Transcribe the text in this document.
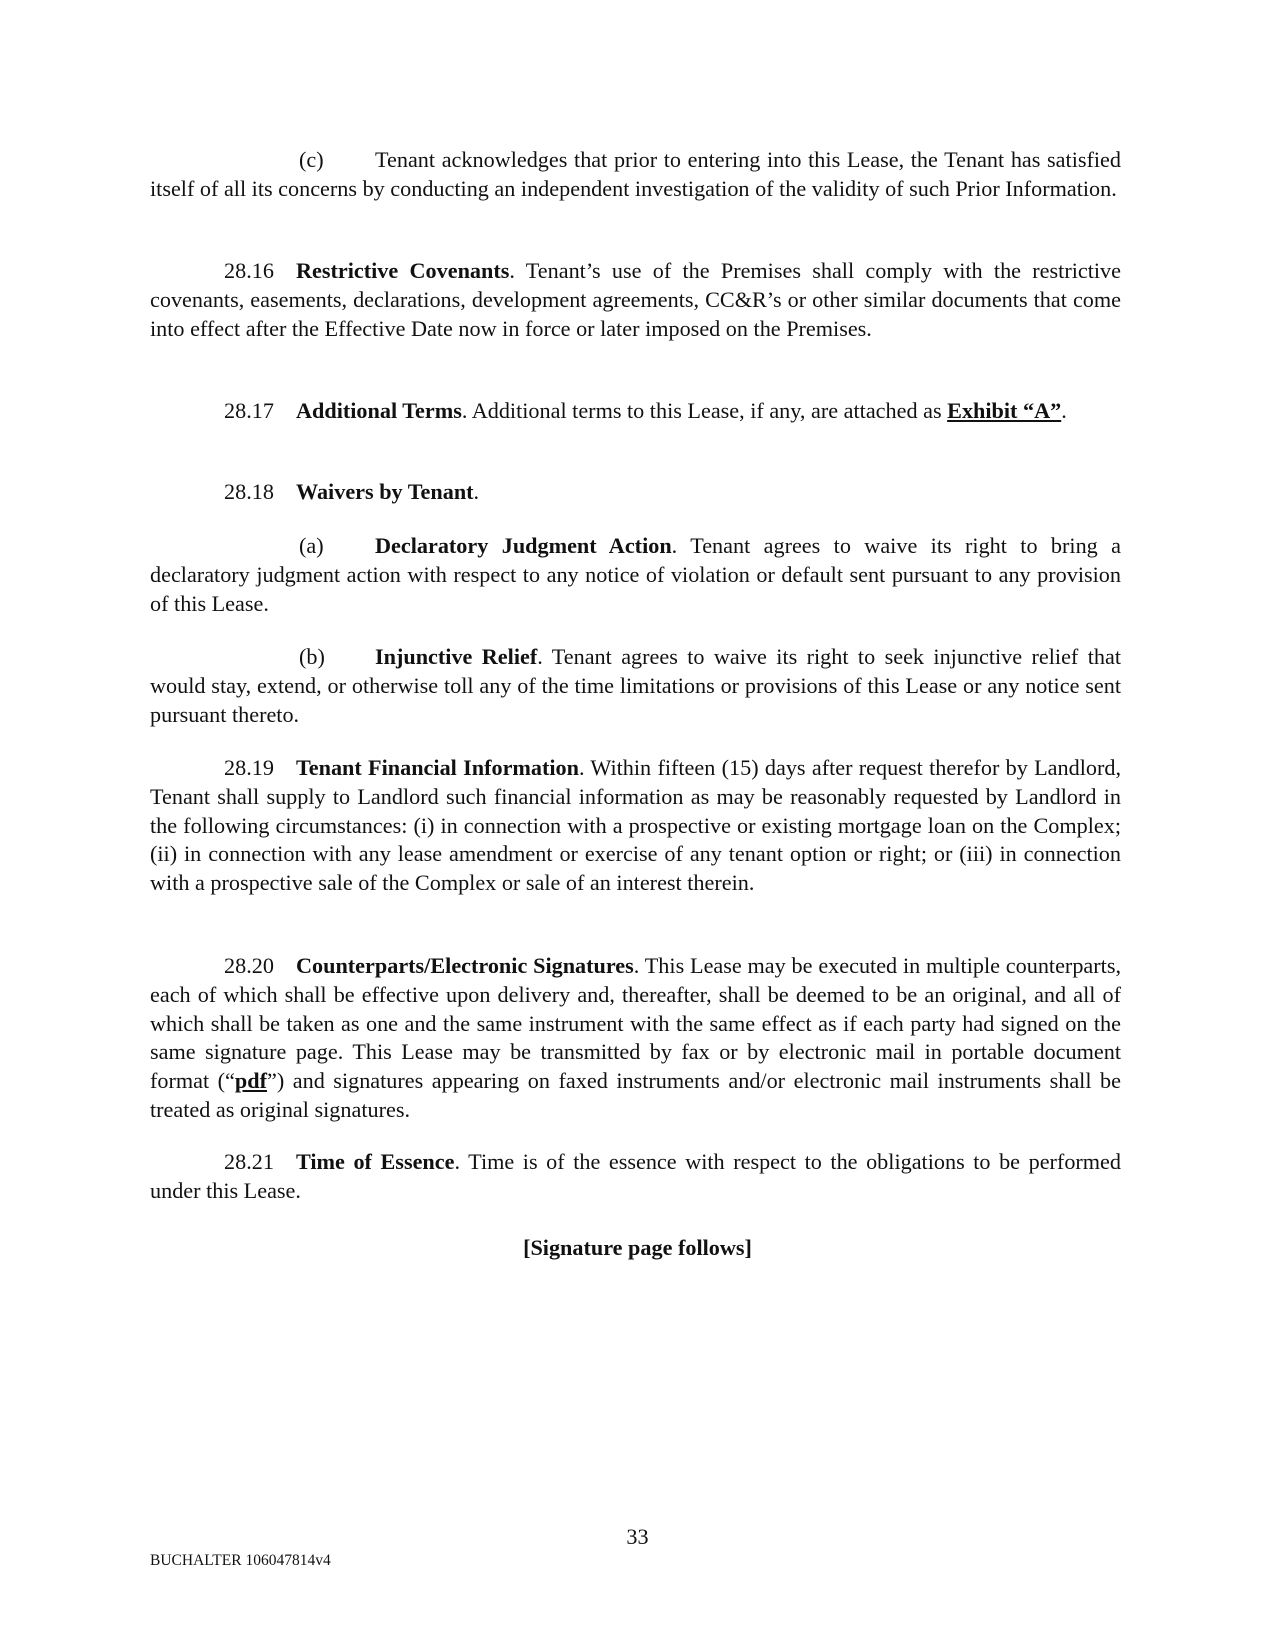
(c) Tenant acknowledges that prior to entering into this Lease, the Tenant has satisfied itself of all its concerns by conducting an independent investigation of the validity of such Prior Information.

28.16 Restrictive Covenants. Tenant’s use of the Premises shall comply with the restrictive covenants, easements, declarations, development agreements, CC&R’s or other similar documents that come into effect after the Effective Date now in force or later imposed on the Premises.

28.17 Additional Terms. Additional terms to this Lease, if any, are attached as Exhibit “A”.

28.18 Waivers by Tenant.

(a) Declaratory Judgment Action. Tenant agrees to waive its right to bring a declaratory judgment action with respect to any notice of violation or default sent pursuant to any provision of this Lease.

(b) Injunctive Relief. Tenant agrees to waive its right to seek injunctive relief that would stay, extend, or otherwise toll any of the time limitations or provisions of this Lease or any notice sent pursuant thereto.

28.19 Tenant Financial Information. Within fifteen (15) days after request therefor by Landlord, Tenant shall supply to Landlord such financial information as may be reasonably requested by Landlord in the following circumstances: (i) in connection with a prospective or existing mortgage loan on the Complex; (ii) in connection with any lease amendment or exercise of any tenant option or right; or (iii) in connection with a prospective sale of the Complex or sale of an interest therein.

28.20 Counterparts/Electronic Signatures. This Lease may be executed in multiple counterparts, each of which shall be effective upon delivery and, thereafter, shall be deemed to be an original, and all of which shall be taken as one and the same instrument with the same effect as if each party had signed on the same signature page. This Lease may be transmitted by fax or by electronic mail in portable document format (“pdf”) and signatures appearing on faxed instruments and/or electronic mail instruments shall be treated as original signatures.

28.21 Time of Essence. Time is of the essence with respect to the obligations to be performed under this Lease.

[Signature page follows]
33
BUCHALTER 106047814v4
